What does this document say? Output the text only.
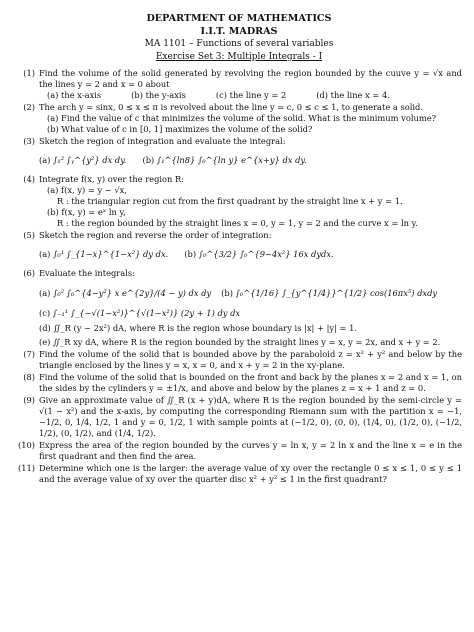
DEPARTMENT OF MATHEMATICS
I.I.T. MADRAS
MA 1101 – Functions of several variables
Exercise Set 3: Multiple Integrals - I
(1) Find the volume of the solid generated by revolving the region bounded by the cuuve y = √x and the lines y = 2 and x = 0 about
(a) the x-axis	(b) the y-axis	(c) the line y = 2	(d) the line x = 4.
(2) The arch y = sinx, 0 ≤ x ≤ π is revolved about the line y = c, 0 ≤ c ≤ 1, to generate a solid.
(a) Find the value of c that minimizes the volume of the solid. What is the minimum volume?
(b) What value of c in [0, 1] maximizes the volume of the solid?
(3) Sketch the region of integration and evaluate the integral:
(a)
∫₁² ∫ᵧ^{y²} dx dy. (b)
∫₁^{ln8} ∫₀^{ln y} e^{x+y} dx dy.
(4) Integrate f(x, y) over the region R:
(a) f(x, y) = y − √x,
R : the triangular region cut from the first quadrant by the straight line x + y = 1.
(b) f(x, y) = eˣ ln y,
R : the region bounded by the straight lines x = 0, y = 1, y = 2 and the curve x = ln y.
(5) Sketch the region and reverse the order of integration:
(a)
∫₀¹ ∫_{1−x}^{1−x²} dy dx. (b)
∫₀^{3/2} ∫₀^{9−4x²} 16x dydx.
(6) Evaluate the integrals:
(a)
∫₀² ∫₀^{4−y²} x e^{2y}/(4 − y) dx dy (b)
∫₀^{1/16} ∫_{y^{1/4}}^{1/2} cos(16πx⁵) dxdy
(c)
∫₋₁¹ ∫_{−√(1−x²)}^{√(1−x²)} (2y + 1) dy dx
(d) ∬_R (y − 2x²) dA, where R is the region whose boundary is |x| + |y| = 1.
(e) ∬_R xy dA, where R is the region bounded by the straight lines y = x, y = 2x, and x + y = 2.
(7) Find the volume of the solid that is bounded above by the paraboloid z = x² + y² and below by the triangle enclosed by the lines y = x, x = 0, and x + y = 2 in the xy-plane.
(8) Find the volume of the solid that is bounded on the front and back by the planes x = 2 and x = 1, on the sides by the cylinders y = ±1/x, and above and below by the planes z = x + 1 and z = 0.
(9) Give an approximate value of ∬_R (x + y)dA, where R is the region bounded by the semi-circle y = √(1 − x²) and the x-axis, by computing the corresponding Riemann sum with the partition x = −1, −1/2, 0, 1/4, 1/2, 1 and y = 0, 1/2, 1 with sample points at (−1/2, 0), (0, 0), (1/4, 0), (1/2, 0), (−1/2, 1/2), (0, 1/2), and (1/4, 1/2).
(10) Express the area of the region bounded by the curves y = ln x, y = 2 ln x and the line x = e in the first quadrant and then find the area.
(11) Determine which one is the larger: the average value of xy over the rectangle 0 ≤ x ≤ 1, 0 ≤ y ≤ 1 and the average value of xy over the quarter disc x² + y² ≤ 1 in the first quadrant?
